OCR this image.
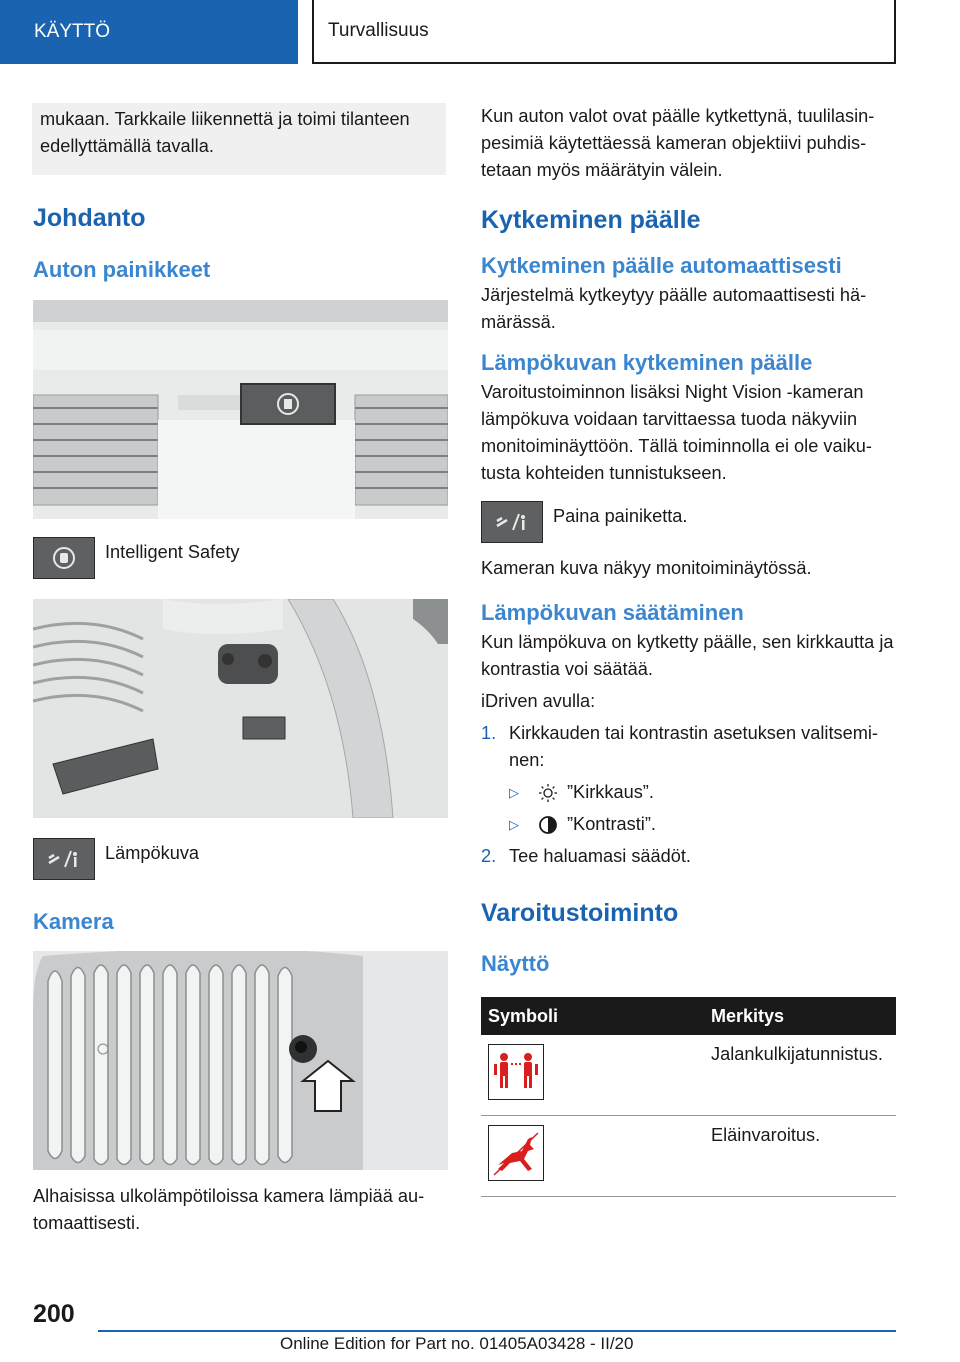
KÄYTTÖ	Turvallisuus

mukaan. Tarkkaile liikennettä ja toimi tilanteen edellyttämällä tavalla.

Johdanto
Auton painikkeet

Intelligent Safety

Lämpökuva

Kamera

Alhaisissa ulkolämpötiloissa kamera lämpiää automaattisesti.

Kun auton valot ovat päälle kytkettynä, tuulilasinpesimiä käytettäessä kameran objektiivi puhdistetaan myös määrätyin välein.

Kytkeminen päälle
Kytkeminen päälle automaattisesti

Järjestelmä kytkeytyy päälle automaattisesti hämärässä.

Lämpökuvan kytkeminen päälle

Varoitustoiminnon lisäksi Night Vision -kameran lämpökuva voidaan tarvittaessa tuoda näkyviin monitoiminäyttöön. Tällä toiminnolla ei ole vaikutusta kohteiden tunnistukseen.

Paina painiketta.

Kameran kuva näkyy monitoiminäytössä.

Lämpökuvan säätäminen

Kun lämpökuva on kytketty päälle, sen kirkkautta ja kontrastia voi säätää.

iDriven avulla:

1. Kirkkauden tai kontrastin asetuksen valitseminen:
▷	”Kirkkaus”.
▷	”Kontrasti”.
2. Tee haluamasi säädöt.
Varoitustoiminto
Näyttö
Symboli	Merkitys
	Jalankulkijatunnistus.
	Eläinvaroitus.
200
Online Edition for Part no. 01405A03428 - II/20
